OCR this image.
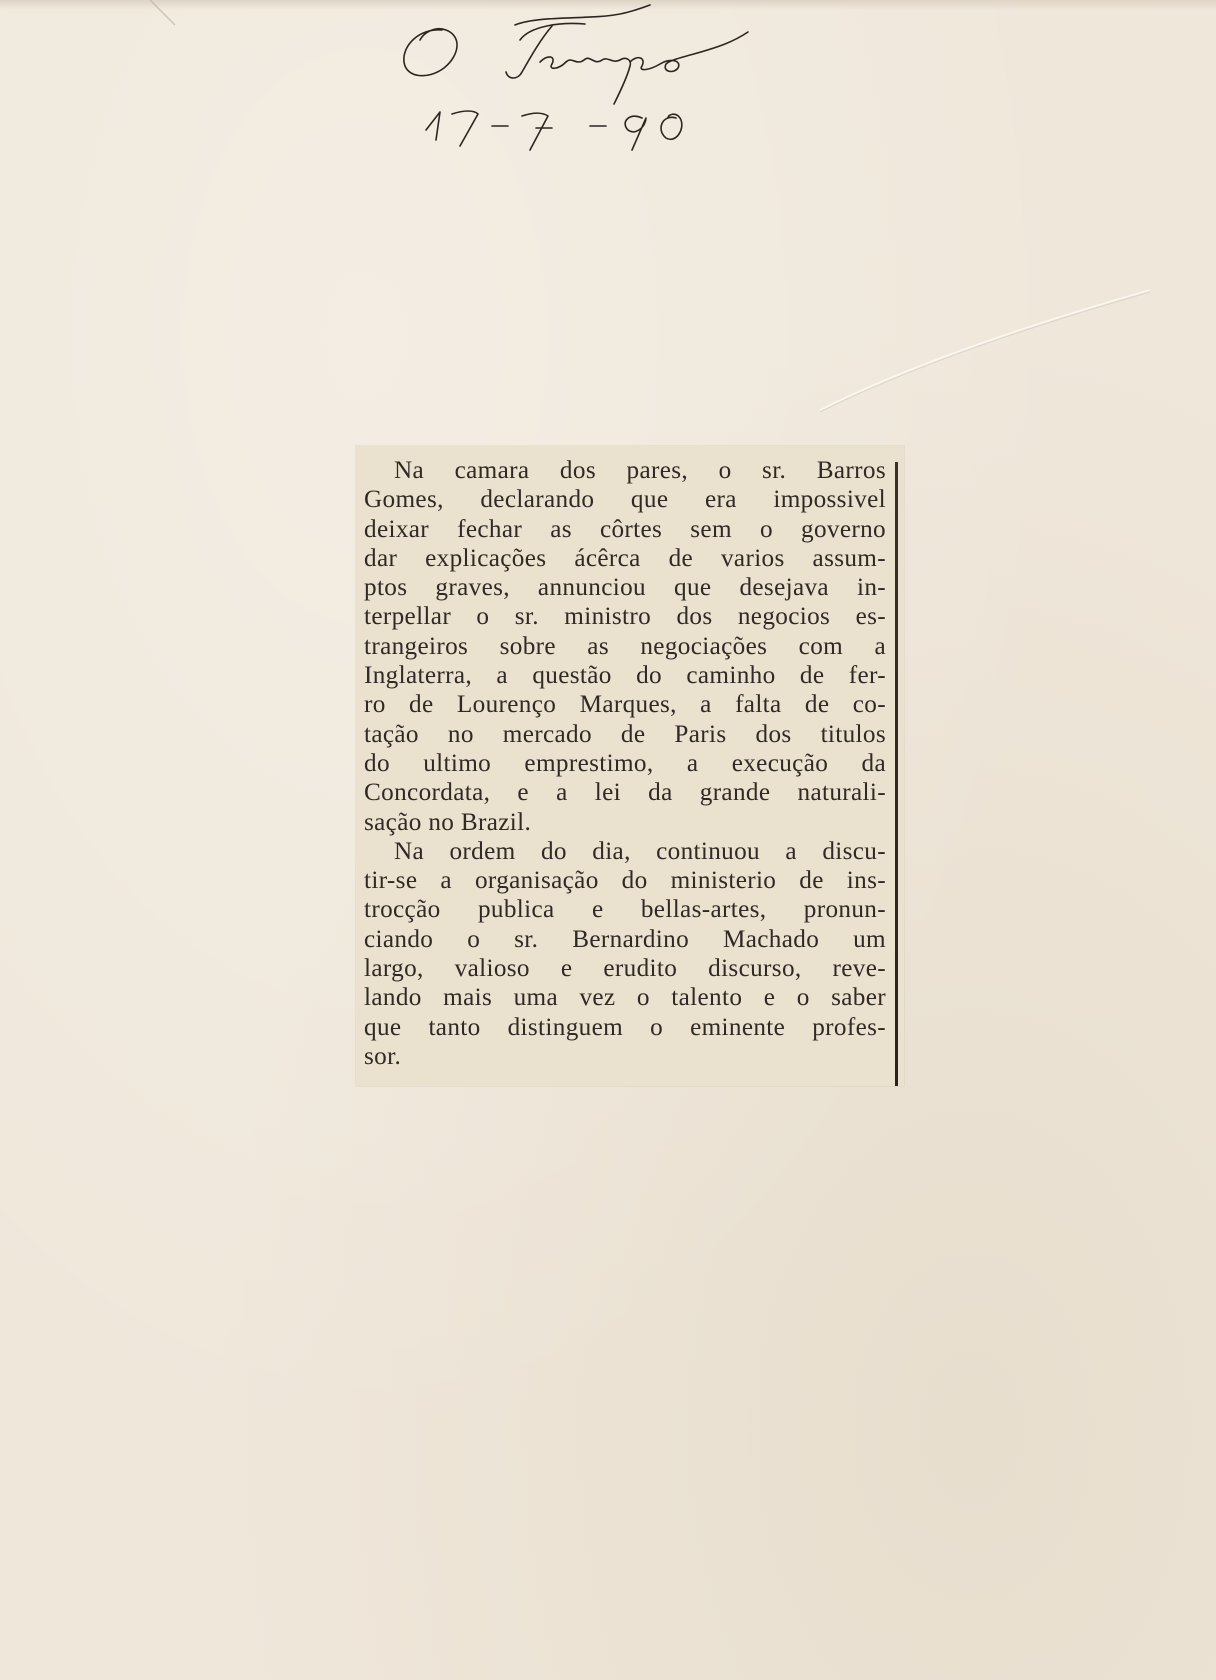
Na camara dos pares, o sr. Barros
Gomes, declarando que era impossivel
deixar fechar as côrtes sem o governo
dar explicações ácêrca de varios assum-
ptos graves, annunciou que desejava in-
terpellar o sr. ministro dos negocios es-
trangeiros sobre as negociações com a
Inglaterra, a questão do caminho de fer-
ro de Lourenço Marques, a falta de co-
tação no mercado de Paris dos titulos
do ultimo emprestimo, a execução da
Concordata, e a lei da grande naturali-
sação no Brazil.
Na ordem do dia, continuou a discu-
tir-se a organisação do ministerio de ins-
trocção publica e bellas-artes, pronun-
ciando o sr. Bernardino Machado um
largo, valioso e erudito discurso, reve-
lando mais uma vez o talento e o saber
que tanto distinguem o eminente profes-
sor.
